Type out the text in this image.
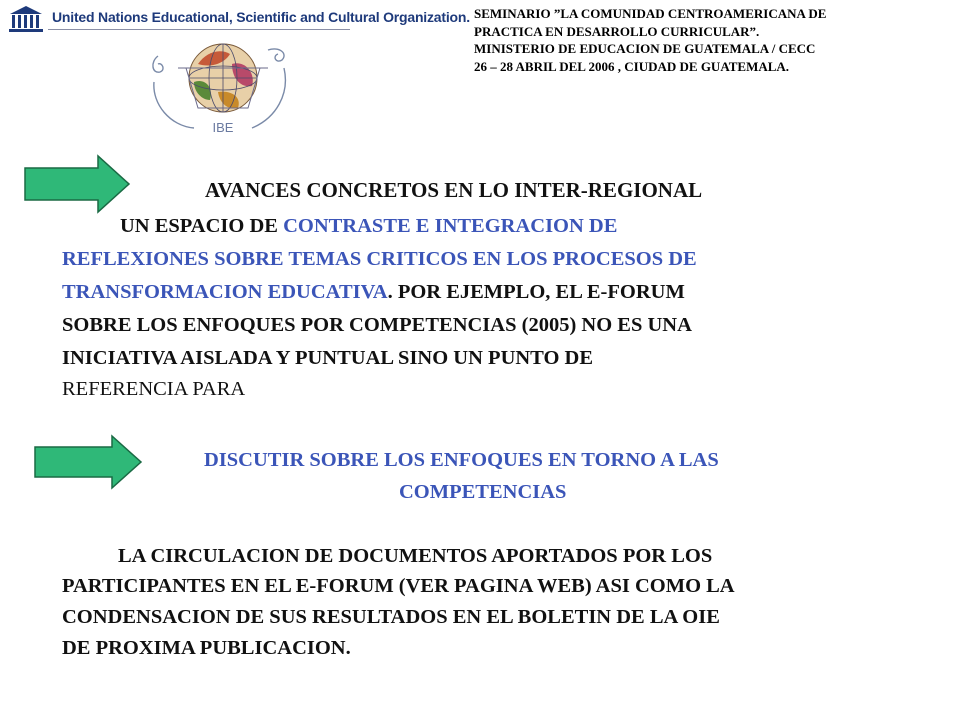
United Nations Educational, Scientific and Cultural Organization. SEMINARIO ”LA COMUNIDAD CENTROAMERICANA DE
PRACTICA EN DESARROLLO CURRICULAR”.
MINISTERIO DE EDUCACION DE GUATEMALA / CECC
26 – 28 ABRIL DEL 2006 , CIUDAD DE GUATEMALA.
IBE
AVANCES CONCRETOS EN LO INTER-REGIONAL
UN ESPACIO DE CONTRASTE E INTEGRACION DE
REFLEXIONES SOBRE TEMAS CRITICOS EN LOS PROCESOS DE
TRANSFORMACION EDUCATIVA. POR EJEMPLO, EL E-FORUM
SOBRE LOS ENFOQUES POR COMPETENCIAS (2005) NO ES UNA
INICIATIVA AISLADA Y PUNTUAL SINO UN PUNTO DE
REFERENCIA PARA
DISCUTIR SOBRE LOS ENFOQUES EN TORNO A LAS
COMPETENCIAS
LA CIRCULACION DE DOCUMENTOS APORTADOS POR LOS
PARTICIPANTES EN EL E-FORUM (VER PAGINA WEB) ASI COMO LA
CONDENSACION DE SUS RESULTADOS EN EL BOLETIN DE LA OIE
DE PROXIMA PUBLICACION.
